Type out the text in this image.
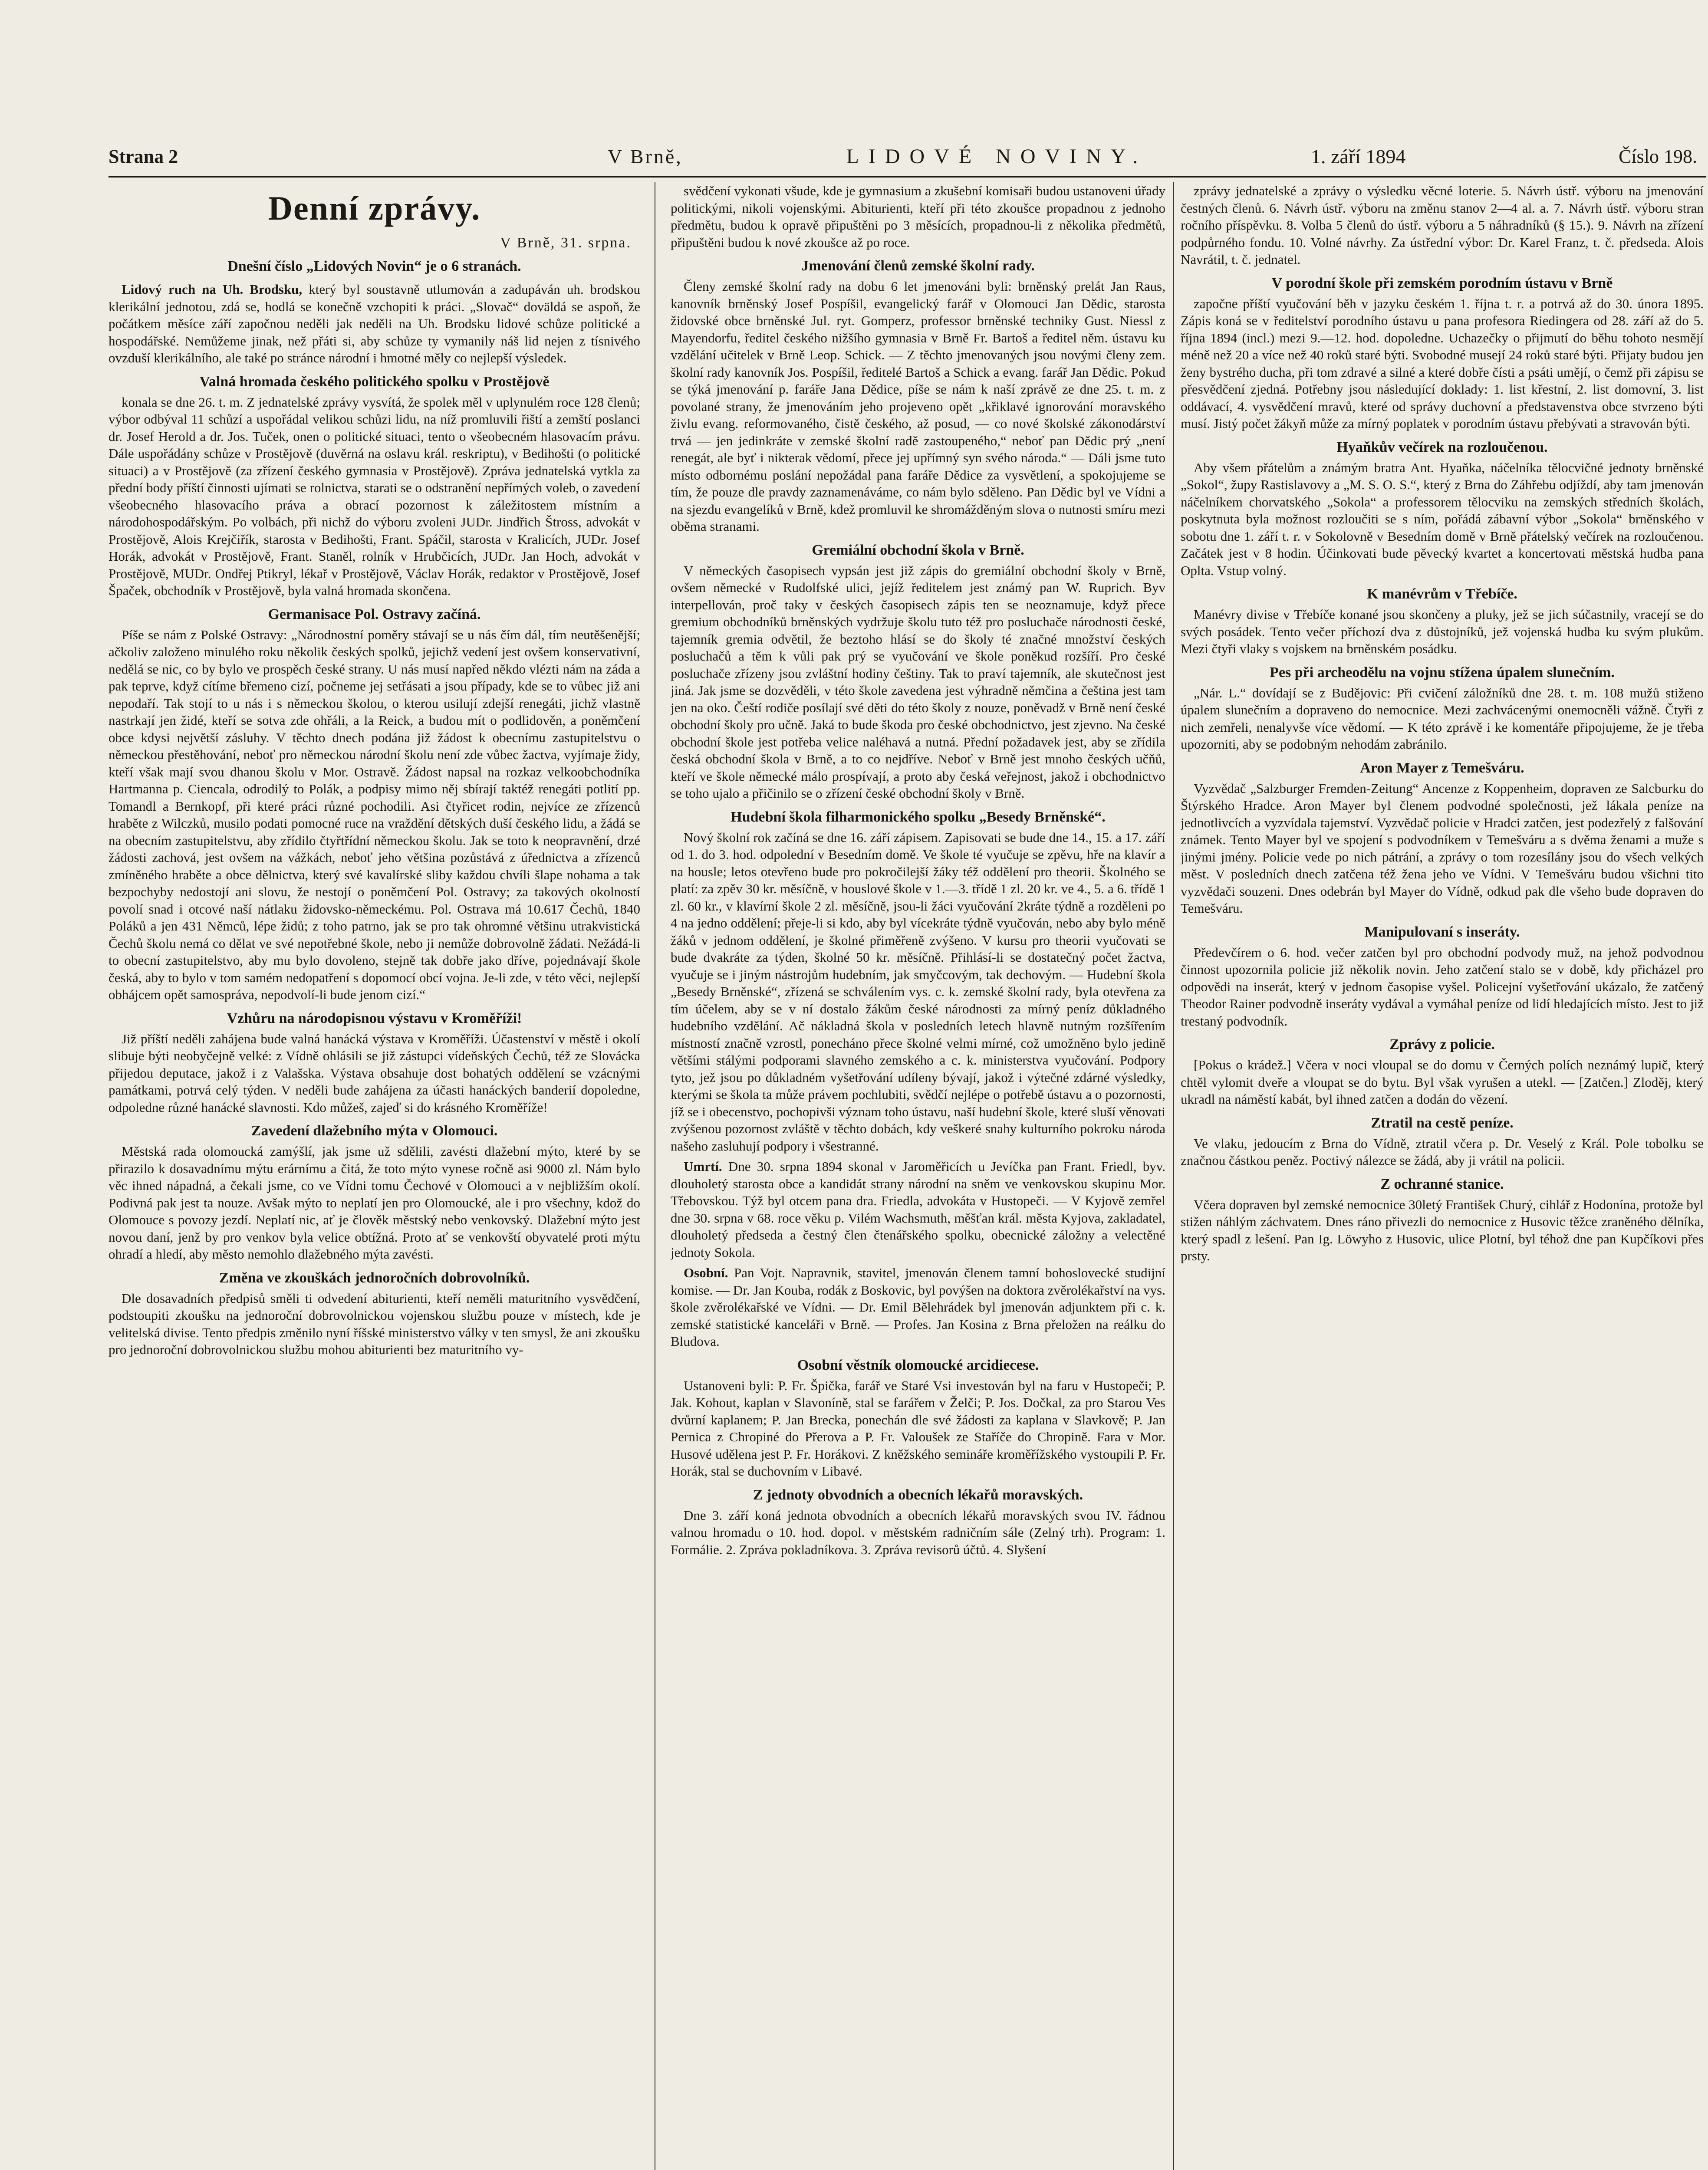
Strana 2	V Brně,	LIDOVÉ NOVINY.	1. září 1894	Číslo 198.
Denní zprávy.
V Brně, 31. srpna.
Dnešní číslo „Lidových Novin“ je o 6 stranách.

Lidový ruch na Uh. Brodsku, který byl soustavně utlumován a zadupáván uh. brodskou klerikální jednotou, zdá se, hodlá se konečně vzchopiti k práci. „Slovač“ doväldá se aspoň, že počátkem měsíce září započnou neděli jak neděli na Uh. Brodsku lidové schůze politické a hospodářské. Nemůžeme jinak, než přáti si, aby schůze ty vymanily náš lid nejen z tísnivého ovzduší klerikálního, ale také po stránce národní i hmotné měly co nejlepší výsledek.

Valná hromada českého politického spolku v Prostějově

konala se dne 26. t. m. Z jednatelské zprávy vysvítá, že spolek měl v uplynulém roce 128 členů; výbor odbýval 11 schůzí a uspořádal velikou schůzi lidu, na níž promluvili řiští a zemští poslanci dr. Josef Herold a dr. Jos. Tuček, onen o politické situaci, tento o všeobecném hlasovacím právu. Dále uspořádány schůze v Prostějově (duvěrná na oslavu král. reskriptu), v Bedihošti (o politické situaci) a v Prostějově (za zřízení českého gymnasia v Prostějově). Zpráva jednatelská vytkla za přední body příští činnosti ujímati se rolnictva, starati se o odstranění nepřímých voleb, o zavedení všeobecného hlasovacího práva a obrací pozornost k záležitostem místním a národohospodářským. Po volbách, při nichž do výboru zvoleni JUDr. Jindřich Štross, advokát v Prostějově, Alois Krejčiřík, starosta v Bedihošti, Frant. Spáčil, starosta v Kralicích, JUDr. Josef Horák, advokát v Prostějově, Frant. Staněl, rolník v Hrubčicích, JUDr. Jan Hoch, advokát v Prostějově, MUDr. Ondřej Ptikryl, lékař v Prostějově, Václav Horák, redaktor v Prostějově, Josef Špaček, obchodník v Prostějově, byla valná hromada skončena.

Germanisace Pol. Ostravy začíná.

Píše se nám z Polské Ostravy: „Národnostní poměry stávají se u nás čím dál, tím neutěšenější; ačkoliv založeno minulého roku několik českých spolků, jejichž vedení jest ovšem konservativní, nedělá se nic, co by bylo ve prospěch české strany. U nás musí napřed někdo vlézti nám na záda a pak teprve, když cítíme břemeno cizí, počneme jej setřásati a jsou případy, kde se to vůbec již ani nepodaří. Tak stojí to u nás i s německou školou, o kterou usilují zdejší renegáti, jichž vlastně nastrkají jen židé, kteří se sotva zde ohřáli, a la Reick, a budou mít o podlidověn, a poněmčení obce kdysi největší zásluhy. V těchto dnech podána již žádost k obecnímu zastupitelstvu o německou přestěhování, neboť pro německou národní školu není zde vůbec žactva, vyjímaje židy, kteří však mají svou dhanou školu v Mor. Ostravě. Žádost napsal na rozkaz velkoobchodníka Hartmanna p. Ciencala, odrodilý to Polák, a podpisy mimo něj sbírají taktéž renegáti potlití pp. Tomandl a Bernkopf, při které práci různé pochodili. Asi čtyřicet rodin, nejvíce ze zřízenců hraběte z Wilczků, musilo podati pomocné ruce na vraždění dětských duší českého lidu, a žádá se na obecním zastupitelstvu, aby zřídilo čtyřtřídní německou školu. Jak se toto k neopravnění, drzé žádosti zachová, jest ovšem na vážkách, neboť jeho většina pozůstává z úřednictva a zřízenců zmíněného hraběte a obce dělnictva, který své kavalírské sliby každou chvíli šlape nohama a tak bezpochyby nedostojí ani slovu, že nestojí o poněmčení Pol. Ostravy; za takových okolností povolí snad i otcové naší nátlaku židovsko-německému. Pol. Ostrava má 10.617 Čechů, 1840 Poláků a jen 431 Němců, lépe židů; z toho patrno, jak se pro tak ohromné většinu utrakvistická Čechů školu nemá co dělat ve své nepotřebné škole, nebo ji nemůže dobrovolně žádati. Nežádá-li to obecní zastupitelstvo, aby mu bylo dovoleno, stejně tak dobře jako dříve, pojednávají škole česká, aby to bylo v tom samém nedopatření s dopomocí obcí vojna. Je-li zde, v této věci, nejlepší obhájcem opět samospráva, nepodvolí-li bude jenom cizí.“

Vzhůru na národopisnou výstavu v Kroměříži!

Již příští neděli zahájena bude valná hanácká výstava v Kroměříži. Účastenství v městě i okolí slibuje býti neobyčejně velké: z Vídně ohlásili se již zástupci vídeňských Čechů, též ze Slovácka přijedou deputace, jakož i z Valašska. Výstava obsahuje dost bohatých oddělení se vzácnými památkami, potrvá celý týden. V neděli bude zahájena za účasti hanáckých banderií dopoledne, odpoledne různé hanácké slavnosti. Kdo můžeš, zajeď si do krásného Kroměříže!

Zavedení dlažebního mýta v Olomouci.

Městská rada olomoucká zamýšlí, jak jsme už sdělili, zavésti dlažební mýto, které by se přirazilo k dosavadnímu mýtu erárnímu a čitá, že toto mýto vynese ročně asi 9000 zl. Nám bylo věc ihned nápadná, a čekali jsme, co ve Vídni tomu Čechové v Olomouci a v nejbližším okolí. Podivná pak jest ta nouze. Avšak mýto to neplatí jen pro Olomoucké, ale i pro všechny, kdož do Olomouce s povozy jezdí. Neplatí nic, ať je člověk městský nebo venkovský. Dlažební mýto jest novou daní, jenž by pro venkov byla velice obtížná. Proto ať se venkovští obyvatelé proti mýtu ohradí a hledí, aby město nemohlo dlažebného mýta zavésti.

Změna ve zkouškách jednoročních dobrovolníků.

Dle dosavadních předpisů směli ti odvedení abiturienti, kteří neměli maturitního vysvědčení, podstoupiti zkoušku na jednoroční dobrovolnickou vojenskou službu pouze v místech, kde je velitelská divise. Tento předpis změnilo nyní říšské ministerstvo války v ten smysl, že ani zkoušku pro jednoroční dobrovolnickou službu mohou abiturienti bez maturitního vy-

svědčení vykonati všude, kde je gymnasium a zkušební komisaři budou ustanoveni úřady politickými, nikoli vojenskými. Abiturienti, kteří při této zkoušce propadnou z jednoho předmětu, budou k opravě připuštěni po 3 měsících, propadnou-li z několika předmětů, připuštěni budou k nové zkoušce až po roce.

Jmenování členů zemské školní rady.

Členy zemské školní rady na dobu 6 let jmenováni byli: brněnský prelát Jan Raus, kanovník brněnský Josef Pospíšil, evangelický farář v Olomouci Jan Dědic, starosta židovské obce brněnské Jul. ryt. Gomperz, professor brněnské techniky Gust. Niessl z Mayendorfu, ředitel českého nižšího gymnasia v Brně Fr. Bartoš a ředitel něm. ústavu ku vzdělání učitelek v Brně Leop. Schick. — Z těchto jmenovaných jsou novými členy zem. školní rady kanovník Jos. Pospíšil, ředitelé Bartoš a Schick a evang. farář Jan Dědic. Pokud se týká jmenování p. faráře Jana Dědice, píše se nám k naší zprávě ze dne 25. t. m. z povolané strany, že jmenováním jeho projeveno opět „křiklavé ignorování moravského živlu evang. reformovaného, čistě českého, až posud, — co nové školské zákonodárství trvá — jen jedinkráte v zemské školní radě zastoupeného,“ neboť pan Dědic prý „není renegát, ale byť i nikterak vědomí, přece jej upřímný syn svého národa.“ — Dáli jsme tuto místo odbornému poslání nepožádal pana faráře Dědice za vysvětlení, a spokojujeme se tím, že pouze dle pravdy zaznamenáváme, co nám bylo sděleno. Pan Dědic byl ve Vídni a na sjezdu evangelíků v Brně, kdež promluvil ke shromážděným slova o nutnosti smíru mezi oběma stranami.

Gremiální obchodní škola v Brně.

V německých časopisech vypsán jest již zápis do gremiální obchodní školy v Brně, ovšem německé v Rudolfské ulici, jejíž ředitelem jest známý pan W. Ruprich. Byv interpellován, proč taky v českých časopisech zápis ten se neoznamuje, když přece gremium obchodníků brněnských vydržuje školu tuto též pro posluchače národnosti české, tajemník gremia odvětil, že beztoho hlásí se do školy té značné množství českých posluchačů a těm k vůli pak prý se vyučování ve škole poněkud rozšíří. Pro české posluchače zřízeny jsou zvláštní hodiny češtiny. Tak to praví tajemník, ale skutečnost jest jiná. Jak jsme se dozvěděli, v této škole zavedena jest výhradně němčina a čeština jest tam jen na oko. Čeští rodiče posílají své děti do této školy z nouze, poněvadž v Brně není české obchodní školy pro učně. Jaká to bude škoda pro české obchodnictvo, jest zjevno. Na české obchodní škole jest potřeba velice naléhavá a nutná. Přední požadavek jest, aby se zřídila česká obchodní škola v Brně, a to co nejdříve. Neboť v Brně jest mnoho českých učňů, kteří ve škole německé málo prospívají, a proto aby česká veřejnost, jakož i obchodnictvo se toho ujalo a přičinilo se o zřízení české obchodní školy v Brně.

Hudební škola filharmonického spolku „Besedy Brněnské“.

Nový školní rok začíná se dne 16. září zápisem. Zapisovati se bude dne 14., 15. a 17. září od 1. do 3. hod. odpolední v Besedním domě. Ve škole té vyučuje se zpěvu, hře na klavír a na housle; letos otevřeno bude pro pokročilejší žáky též oddělení pro theorii. Školného se platí: za zpěv 30 kr. měsíčně, v houslové škole v 1.—3. třídě 1 zl. 20 kr. ve 4., 5. a 6. třídě 1 zl. 60 kr., v klavírní škole 2 zl. měsíčně, jsou-li žáci vyučování 2kráte týdně a rozděleni po 4 na jedno oddělení; přeje-li si kdo, aby byl vícekráte týdně vyučován, nebo aby bylo méně žáků v jednom oddělení, je školné přiměřeně zvýšeno. V kursu pro theorii vyučovati se bude dvakráte za týden, školné 50 kr. měsíčně. Přihlásí-li se dostatečný počet žactva, vyučuje se i jiným nástrojům hudebním, jak smyčcovým, tak dechovým. — Hudební škola „Besedy Brněnské“, zřízená se schválením vys. c. k. zemské školní rady, byla otevřena za tím účelem, aby se v ní dostalo žákům české národnosti za mírný peníz důkladného hudebního vzdělání. Ač nákladná škola v posledních letech hlavně nutným rozšířením místností značně vzrostl, ponecháno přece školné velmi mírné, což umožněno bylo jedině většími stálými podporami slavného zemského a c. k. ministerstva vyučování. Podpory tyto, jež jsou po důkladném vyšetřování udíleny bývají, jakož i výtečné zdárné výsledky, kterými se škola ta může právem pochlubiti, svědčí nejlépe o potřebě ústavu a o pozornosti, jíž se i obecenstvo, pochopivši význam toho ústavu, naší hudební škole, které sluší věnovati zvýšenou pozornost zvláště v těchto dobách, kdy veškeré snahy kulturního pokroku národa našeho zasluhují podpory i všestranné.

Umrtí. Dne 30. srpna 1894 skonal v Jaroměřicích u Jevíčka pan Frant. Friedl, byv. dlouholetý starosta obce a kandidát strany národní na sněm ve venkovskou skupinu Mor. Třebovskou. Týž byl otcem pana dra. Friedla, advokáta v Hustopeči. — V Kyjově zemřel dne 30. srpna v 68. roce věku p. Vilém Wachsmuth, měšťan král. města Kyjova, zakladatel, dlouholetý předseda a čestný člen čtenářského spolku, obecnické záložny a velectěné jednoty Sokola.

Osobní. Pan Vojt. Napravnik, stavitel, jmenován členem tamní bohoslovecké studijní komise. — Dr. Jan Kouba, rodák z Boskovic, byl povýšen na doktora zvěrolékařství na vys. škole zvěrolékařské ve Vídni. — Dr. Emil Bělehrádek byl jmenován adjunktem při c. k. zemské statistické kanceláři v Brně. — Profes. Jan Kosina z Brna přeložen na reálku do Bludova.

Osobní věstník olomoucké arcidiecese.

Ustanoveni byli: P. Fr. Špička, farář ve Staré Vsi investován byl na faru v Hustopeči; P. Jak. Kohout, kaplan v Slavoníně, stal se farářem v Želči; P. Jos. Dočkal, za pro Starou Ves dvůrní kaplanem; P. Jan Brecka, ponechán dle své žádosti za kaplana v Slavkově; P. Jan Pernica z Chropiné do Přerova a P. Fr. Valoušek ze Staříče do Chropině. Fara v Mor. Husové udělena jest P. Fr. Horákovi. Z kněžského semináře kroměřížského vystoupili P. Fr. Horák, stal se duchovním v Libavé.

Z jednoty obvodních a obecních lékařů moravských.

Dne 3. září koná jednota obvodních a obecních lékařů moravských svou IV. řádnou valnou hromadu o 10. hod. dopol. v městském radničním sále (Zelný trh). Program: 1. Formálie. 2. Zpráva pokladníkova. 3. Zpráva revisorů účtů. 4. Slyšení

zprávy jednatelské a zprávy o výsledku věcné loterie. 5. Návrh ústř. výboru na jmenování čestných členů. 6. Návrh ústř. výboru na změnu stanov 2—4 al. a. 7. Návrh ústř. výboru stran ročního příspěvku. 8. Volba 5 členů do ústř. výboru a 5 náhradníků (§ 15.). 9. Návrh na zřízení podpůrného fondu. 10. Volné návrhy. Za ústřední výbor: Dr. Karel Franz, t. č. předseda. Alois Navrátil, t. č. jednatel.

V porodní škole při zemském porodním ústavu v Brně

započne příští vyučování běh v jazyku českém 1. října t. r. a potrvá až do 30. února 1895. Zápis koná se v ředitelství porodního ústavu u pana profesora Riedingera od 28. září až do 5. října 1894 (incl.) mezi 9.—12. hod. dopoledne. Uchazečky o přijmutí do běhu tohoto nesmějí méně než 20 a více než 40 roků staré býti. Svobodné musejí 24 roků staré býti. Přijaty budou jen ženy bystrého ducha, při tom zdravé a silné a které dobře čísti a psáti umějí, o čemž při zápisu se přesvědčení zjedná. Potřebny jsou následující doklady: 1. list křestní, 2. list domovní, 3. list oddávací, 4. vysvědčení mravů, které od správy duchovní a představenstva obce stvrzeno býti musí. Jistý počet žákyň může za mírný poplatek v porodním ústavu přebývati a stravován býti.

Hyaňkův večírek na rozloučenou.

Aby všem přátelům a známým bratra Ant. Hyaňka, náčelníka tělocvičné jednoty brněnské „Sokol“, župy Rastislavovy a „M. S. O. S.“, který z Brna do Záhřebu odjíždí, aby tam jmenován náčelníkem chorvatského „Sokola“ a professorem tělocviku na zemských středních školách, poskytnuta byla možnost rozloučiti se s ním, pořádá zábavní výbor „Sokola“ brněnského v sobotu dne 1. září t. r. v Sokolovně v Besedním domě v Brně přátelský večírek na rozloučenou. Začátek jest v 8 hodin. Účinkovati bude pěvecký kvartet a koncertovati městská hudba pana Oplta. Vstup volný.

K manévrům v Třebíče.

Manévry divise v Třebíče konané jsou skončeny a pluky, jež se jich súčastnily, vracejí se do svých posádek. Tento večer příchozí dva z důstojníků, jež vojenská hudba ku svým plukům. Mezi čtyři vlaky s vojskem na brněnském posádku.

Pes při archeodělu na vojnu stížena úpalem slunečním.

„Nár. L.“ dovídají se z Budějovic: Při cvičení záložníků dne 28. t. m. 108 mužů stiženo úpalem slunečním a dopraveno do nemocnice. Mezi zachvácenými onemocněli vážně. Čtyři z nich zemřeli, nenalyvše více vědomí. — K této zprávě i ke komentáře připojujeme, že je třeba upozorniti, aby se podobným nehodám zabránilo.

Aron Mayer z Temešváru.

Vyzvědač „Salzburger Fremden-Zeitung“ Ancenze z Koppenheim, dopraven ze Salcburku do Štýrského Hradce. Aron Mayer byl členem podvodné společnosti, jež lákala peníze na jednotlivcích a vyzvídala tajemství. Vyzvědač policie v Hradci zatčen, jest podezřelý z falšování známek. Tento Mayer byl ve spojení s podvodníkem v Temešváru a s dvěma ženami a muže s jinými jmény. Policie vede po nich pátrání, a zprávy o tom rozesílány jsou do všech velkých měst. V posledních dnech zatčena též žena jeho ve Vídni. V Temešváru budou všichni tito vyzvědači souzeni. Dnes odebrán byl Mayer do Vídně, odkud pak dle všeho bude dopraven do Temešváru.

Manipulovaní s inseráty.

Předevčírem o 6. hod. večer zatčen byl pro obchodní podvody muž, na jehož podvodnou činnost upozornila policie již několik novin. Jeho zatčení stalo se v době, kdy přicházel pro odpovědi na inserát, který v jednom časopise vyšel. Policejní vyšetřování ukázalo, že zatčený Theodor Rainer podvodně inseráty vydával a vymáhal peníze od lidí hledajících místo. Jest to již trestaný podvodník.

Zprávy z policie.

[Pokus o krádež.] Včera v noci vloupal se do domu v Černých polích neznámý lupič, který chtěl vylomit dveře a vloupat se do bytu. Byl však vyrušen a utekl. — [Zatčen.] Zloděj, který ukradl na náměstí kabát, byl ihned zatčen a dodán do vězení.

Ztratil na cestě peníze.

Ve vlaku, jedoucím z Brna do Vídně, ztratil včera p. Dr. Veselý z Král. Pole tobolku se značnou částkou peněz. Poctivý nálezce se žádá, aby ji vrátil na policii.

Z ochranné stanice.

Včera dopraven byl zemské nemocnice 30letý František Churý, cihlář z Hodonína, protože byl stižen náhlým záchvatem. Dnes ráno přivezli do nemocnice z Husovic těžce zraněného dělníka, který spadl z lešení. Pan Ig. Löwyho z Husovic, ulice Plotní, byl téhož dne pan Kupčíkovi přes prsty.
